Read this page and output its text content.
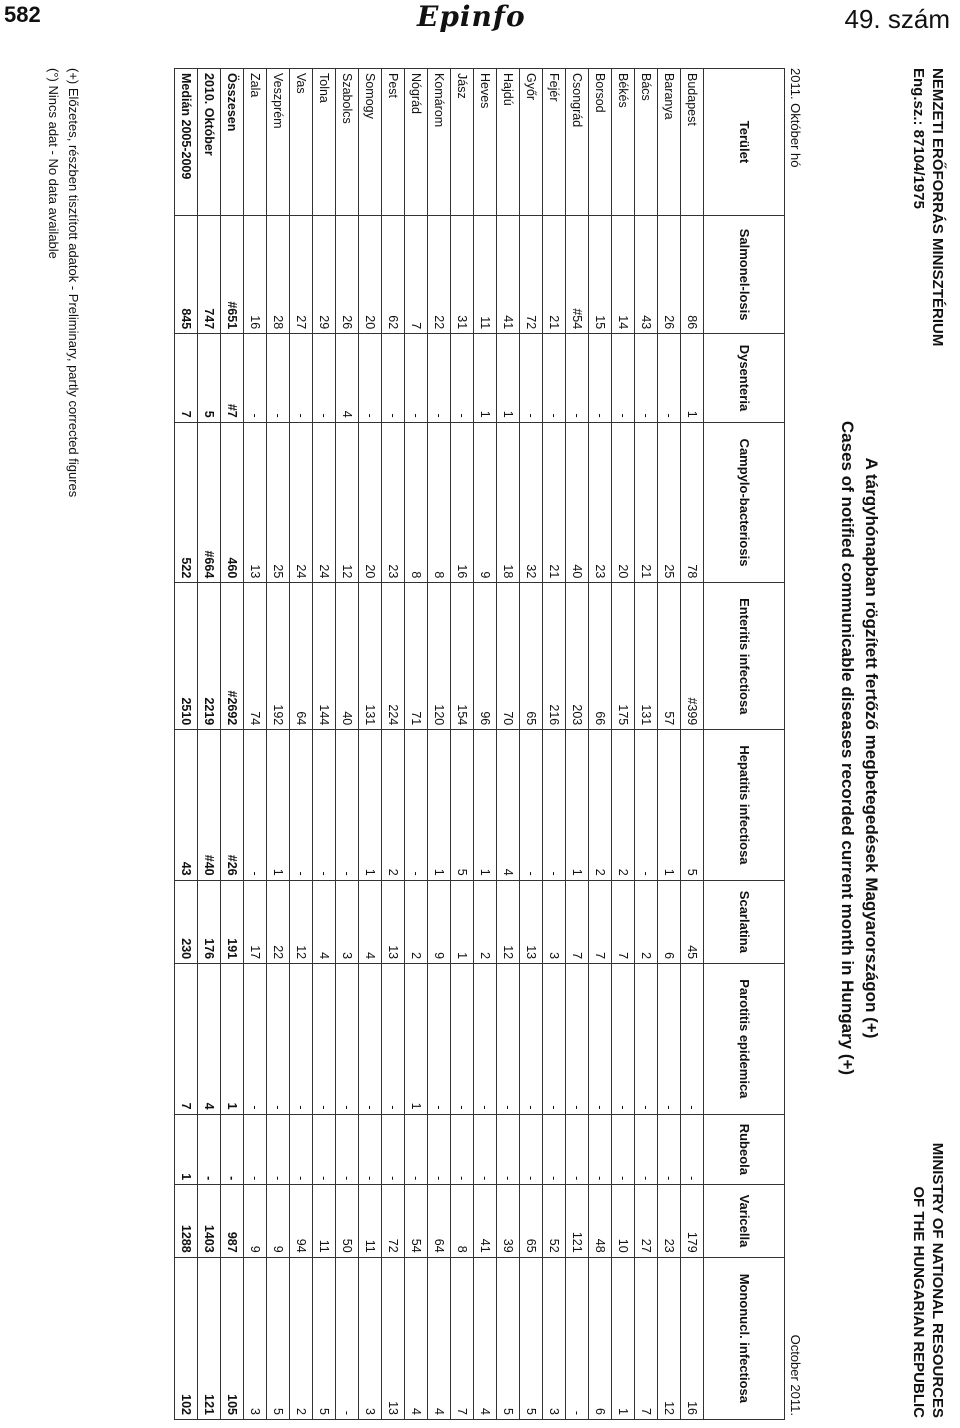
582	Epinfo	49. szám
NEMZETI ERŐFORRÁS MINISZTÉRIUM
Eng.sz.: 87104/1975
MINISTRY OF NATIONAL RESOURCES
OF THE HUNGARIAN REPUBLIC
A tárgyhónapban rögzített fertőző megbetegedések Magyarországon (+)
Cases of notified communicable diseases recorded current month in Hungary (+)
2011. Október hó
October 2011.
Terület	Salmonel-losis	Dysenteria	Campylo-bacteriosis	Enteritis infectiosa	Hepatitis infectiosa	Scarlatina	Parotitis epidemica	Rubeola	Varicella	Mononucl. infectiosa
Budapest	86	1	78	#399	5	45	-	-	179	16
Baranya	26	-	25	57	1	6	-	-	23	12
Bács	43	-	21	131	-	2	-	-	27	7
Békés	14	-	20	175	2	7	-	-	10	1
Borsod	15	-	23	66	2	7	-	-	48	6
Csongrád	#54	-	40	203	1	7	-	-	121	-
Fejér	21	-	21	216	-	3	-	-	52	3
Győr	72	-	32	65	-	13	-	-	65	5
Hajdú	41	1	18	70	4	12	-	-	39	5
Heves	11	1	9	96	1	2	-	-	41	4
Jász	31	-	16	154	5	1	-	-	8	7
Komárom	22	-	8	120	1	9	-	-	64	4
Nógrád	7	-	8	71	-	2	1	-	54	4
Pest	62	-	23	224	2	13	-	-	72	13
Somogy	20	-	20	131	1	4	-	-	11	3
Szabolcs	26	4	12	40	-	3	-	-	50	-
Tolna	29	-	24	144	-	4	-	-	11	5
Vas	27	-	24	64	-	12	-	-	94	2
Veszprém	28	-	25	192	1	22	-	-	9	5
Zala	16	-	13	74	-	17	-	-	9	3
Összesen	#651	#7	460	#2692	#26	191	1	-	987	105
2010. Október	747	5	#664	2219	#40	176	4	-	1403	121
Medián 2005-2009	845	7	522	2510	43	230	7	1	1288	102
(+) Előzetes, részben tisztított adatok - Preliminary, partly corrected figures
(°) Nincs adat - No data available
